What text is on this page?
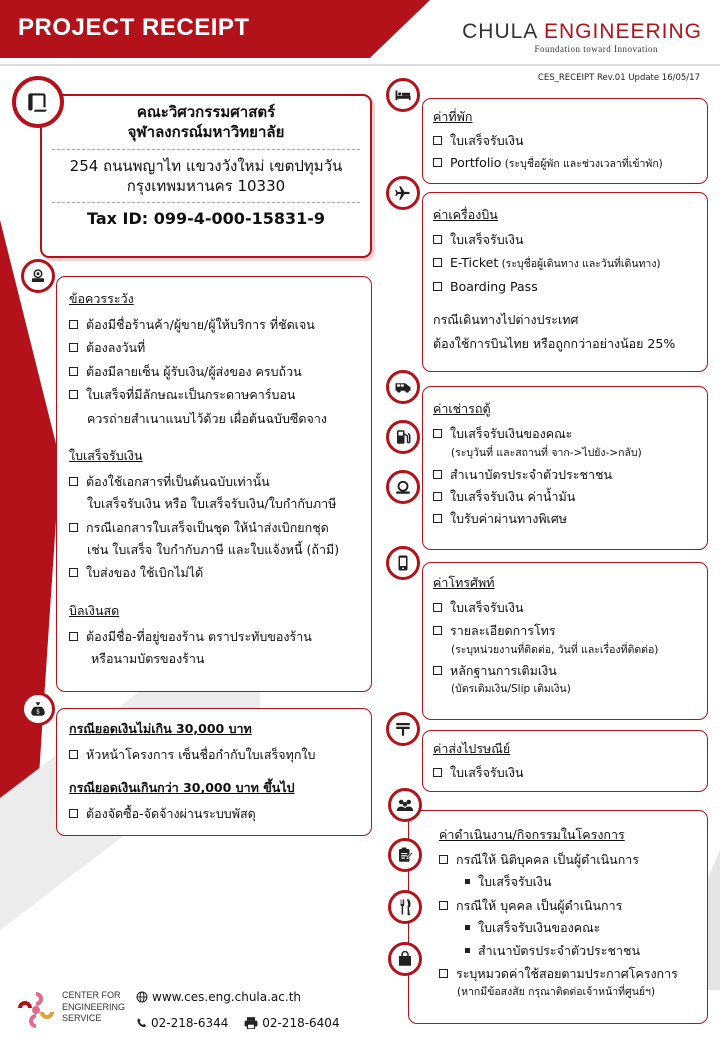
PROJECT RECEIPT	CHULA ENGINEERING
Foundation toward Innovation
CES_RECEIPT Rev.01 Update 16/05/17
คณะวิศวกรรมศาสตร์
จุฬาลงกรณ์มหาวิทยาลัย
254 ถนนพญาไท แขวงวังใหม่ เขตปทุมวัน
กรุงเทพมหานคร 10330
Tax ID: 099-4-000-15831-9
ข้อควรระวัง
ต้องมีชื่อร้านค้า/ผู้ขาย/ผู้ให้บริการ ที่ชัดเจน
ต้องลงวันที่
ต้องมีลายเซ็น ผู้รับเงิน/ผู้ส่งของ ครบถ้วน
ใบเสร็จที่มีลักษณะเป็นกระดาษคาร์บอน
ควรถ่ายสำเนาแนบไว้ด้วย เผื่อต้นฉบับซีดจาง
ใบเสร็จรับเงิน
ต้องใช้เอกสารที่เป็นต้นฉบับเท่านั้น
ใบเสร็จรับเงิน หรือ ใบเสร็จรับเงิน/ใบกำกับภาษี
กรณีเอกสารใบเสร็จเป็นชุด ให้นำส่งเบิกยกชุด
เช่น ใบเสร็จ ใบกำกับภาษี และใบแจ้งหนี้ (ถ้ามี)
ใบส่งของ ใช้เบิกไม่ได้
บิลเงินสด
ต้องมีชื่อ-ที่อยู่ของร้าน ตราประทับของร้าน
หรือนามบัตรของร้าน
กรณียอดเงินไม่เกิน 30,000 บาท
หัวหน้าโครงการ เซ็นชื่อกำกับใบเสร็จทุกใบ
กรณียอดเงินเกินกว่า 30,000 บาท ขึ้นไป
ต้องจัดซื้อ-จัดจ้างผ่านระบบพัสดุ
$
ค่าที่พัก
ใบเสร็จรับเงิน
Portfolio (ระบุชื่อผู้พัก และช่วงเวลาที่เข้าพัก)
ค่าเครื่องบิน
ใบเสร็จรับเงิน
E-Ticket (ระบุชื่อผู้เดินทาง และวันที่เดินทาง)
Boarding Pass
กรณีเดินทางไปต่างประเทศ
ต้องใช้การบินไทย หรือถูกกว่าอย่างน้อย 25%
ค่าเช่ารถตู้
ใบเสร็จรับเงินของคณะ
(ระบุวันที่ และสถานที่ จาก->ไปยัง->กลับ)
สำเนาบัตรประจำตัวประชาชน
ใบเสร็จรับเงิน ค่าน้ำมัน
ใบรับค่าผ่านทางพิเศษ
ค่าโทรศัพท์
ใบเสร็จรับเงิน
รายละเอียดการโทร
(ระบุหน่วยงานที่ติดต่อ, วันที่ และเรื่องที่ติดต่อ)
หลักฐานการเติมเงิน
(บัตรเติมเงิน/Slip เติมเงิน)
ค่าส่งไปรษณีย์
ใบเสร็จรับเงิน
ค่าดำเนินงาน/กิจกรรมในโครงการ
กรณีให้ นิติบุคคล เป็นผู้ดำเนินการ
ใบเสร็จรับเงิน
กรณีให้ บุคคล เป็นผู้ดำเนินการ
ใบเสร็จรับเงินของคณะ
สำเนาบัตรประจำตัวประชาชน
ระบุหมวดค่าใช้สอยตามประกาศโครงการ
(หากมีข้อสงสัย กรุณาติดต่อเจ้าหน้าที่ศูนย์ฯ)
CENTER FOR
ENGINEERING
SERVICE
www.ces.eng.chula.ac.th
02-218-6344	02-218-6404
